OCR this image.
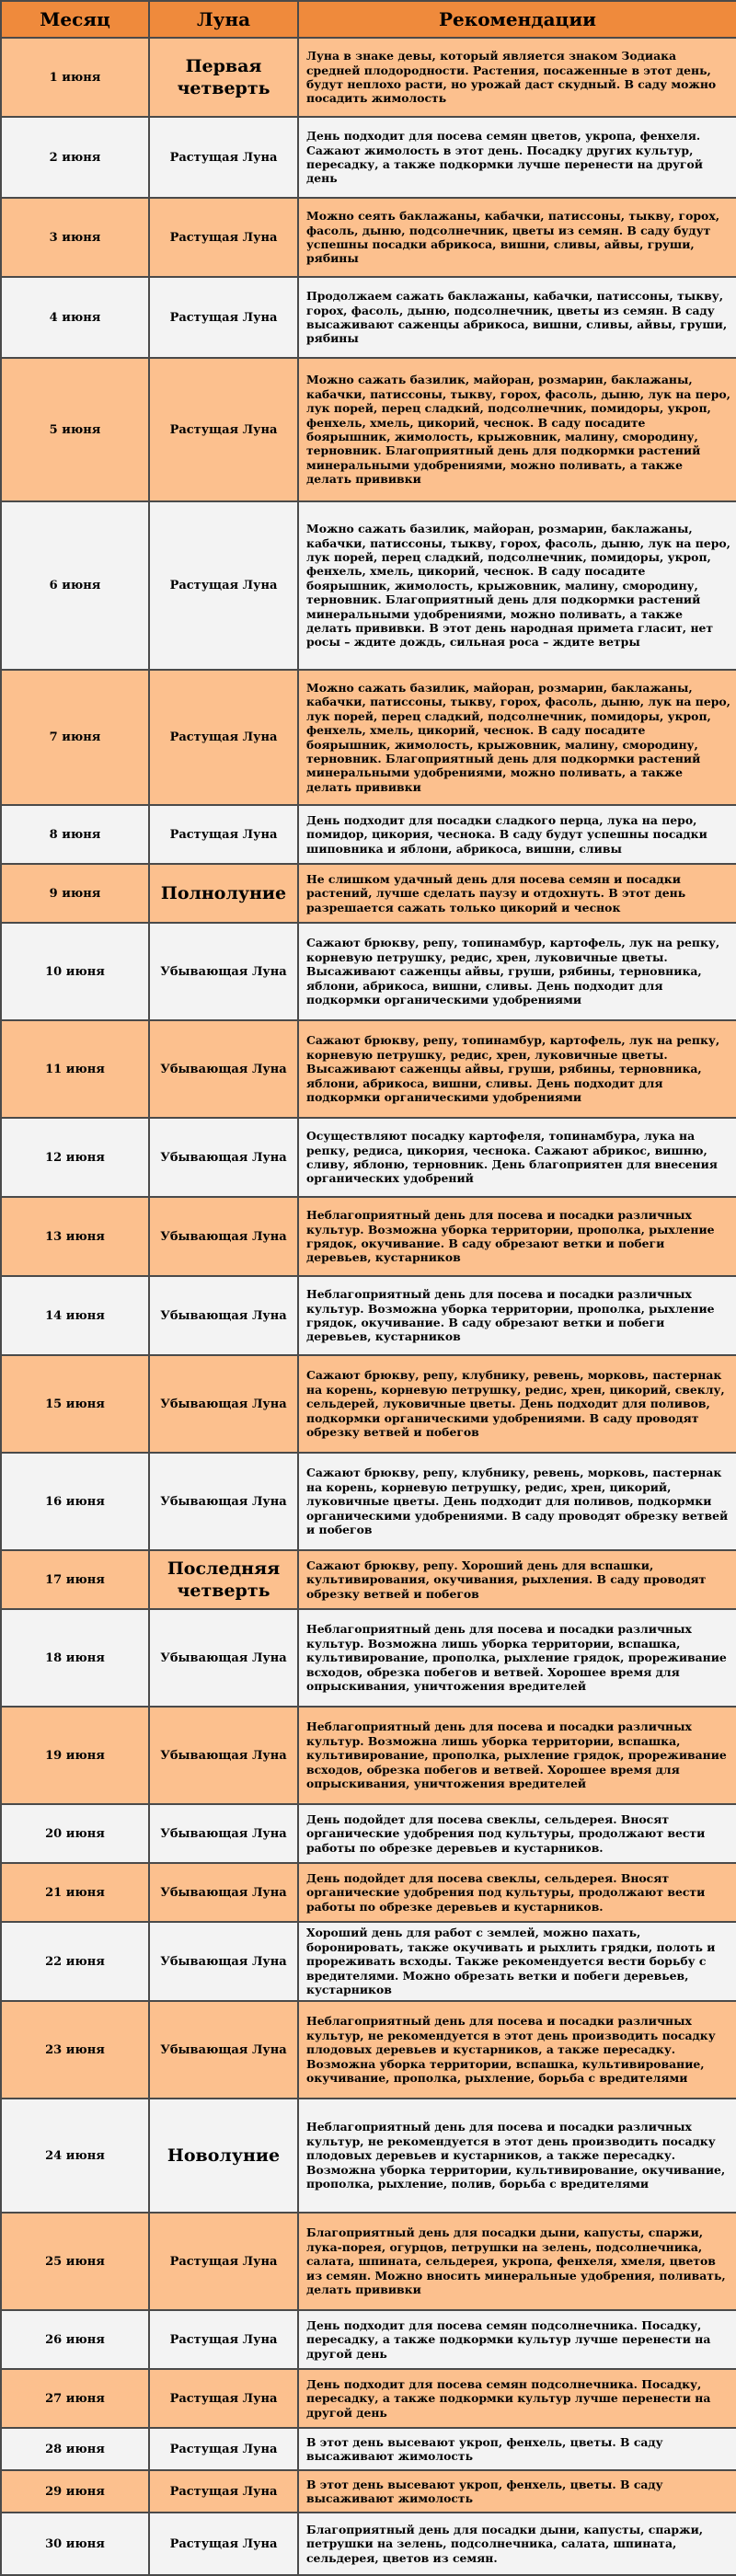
Месяц	Луна	Рекомендации
1 июня	Первая четверть	Луна в знаке девы, который является знаком Зодиака средней плодородности. Растения, посаженные в этот день, будут неплохо расти, но урожай даст скудный. В саду можно посадить жимолость
2 июня	Растущая Луна	День подходит для посева семян цветов, укропа, фенхеля. Сажают жимолость в этот день. Посадку других культур, пересадку, а также подкормки лучше перенести на другой день
3 июня	Растущая Луна	Можно сеять баклажаны, кабачки, патиссоны, тыкву, горох, фасоль, дыню, подсолнечник, цветы из семян. В саду будут успешны посадки абрикоса, вишни, сливы, айвы, груши, рябины
4 июня	Растущая Луна	Продолжаем сажать баклажаны, кабачки, патиссоны, тыкву, горох, фасоль, дыню, подсолнечник, цветы из семян. В саду высаживают саженцы абрикоса, вишни, сливы, айвы, груши, рябины
5 июня	Растущая Луна	Можно сажать базилик, майоран, розмарин, баклажаны, кабачки, патиссоны, тыкву, горох, фасоль, дыню, лук на перо, лук порей, перец сладкий, подсолнечник, помидоры, укроп, фенхель, хмель, цикорий, чеснок. В саду посадите боярышник, жимолость, крыжовник, малину, смородину, терновник. Благоприятный день для подкормки растений минеральными удобрениями, можно поливать, а также делать прививки
6 июня	Растущая Луна	Можно сажать базилик, майоран, розмарин, баклажаны, кабачки, патиссоны, тыкву, горох, фасоль, дыню, лук на перо, лук порей, перец сладкий, подсолнечник, помидоры, укроп, фенхель, хмель, цикорий, чеснок. В саду посадите боярышник, жимолость, крыжовник, малину, смородину, терновник. Благоприятный день для подкормки растений минеральными удобрениями, можно поливать, а также делать прививки. В этот день народная примета гласит, нет росы – ждите дождь, сильная роса – ждите ветры
7 июня	Растущая Луна	Можно сажать базилик, майоран, розмарин, баклажаны, кабачки, патиссоны, тыкву, горох, фасоль, дыню, лук на перо, лук порей, перец сладкий, подсолнечник, помидоры, укроп, фенхель, хмель, цикорий, чеснок. В саду посадите боярышник, жимолость, крыжовник, малину, смородину, терновник. Благоприятный день для подкормки растений минеральными удобрениями, можно поливать, а также делать прививки
8 июня	Растущая Луна	День подходит для посадки сладкого перца, лука на перо, помидор, цикория, чеснока. В саду будут успешны посадки шиповника и яблони, абрикоса, вишни, сливы
9 июня	Полнолуние	Не слишком удачный день для посева семян и посадки растений, лучше сделать паузу и отдохнуть. В этот день разрешается сажать только цикорий и чеснок
10 июня	Убывающая Луна	Сажают брюкву, репу, топинамбур, картофель, лук на репку, корневую петрушку, редис, хрен, луковичные цветы. Высаживают саженцы айвы, груши, рябины, терновника, яблони, абрикоса, вишни, сливы. День подходит для подкормки органическими удобрениями
11 июня	Убывающая Луна	Сажают брюкву, репу, топинамбур, картофель, лук на репку, корневую петрушку, редис, хрен, луковичные цветы. Высаживают саженцы айвы, груши, рябины, терновника, яблони, абрикоса, вишни, сливы. День подходит для подкормки органическими удобрениями
12 июня	Убывающая Луна	Осуществляют посадку картофеля, топинамбура, лука на репку, редиса, цикория, чеснока. Сажают абрикос, вишню, сливу, яблоню, терновник. День благоприятен для внесения органических удобрений
13 июня	Убывающая Луна	Неблагоприятный день для посева и посадки различных культур. Возможна уборка территории, прополка, рыхление грядок, окучивание. В саду обрезают ветки и побеги деревьев, кустарников
14 июня	Убывающая Луна	Неблагоприятный день для посева и посадки различных культур. Возможна уборка территории, прополка, рыхление грядок, окучивание. В саду обрезают ветки и побеги деревьев, кустарников
15 июня	Убывающая Луна	Сажают брюкву, репу, клубнику, ревень, морковь, пастернак на корень, корневую петрушку, редис, хрен, цикорий, свеклу, сельдерей, луковичные цветы. День подходит для поливов, подкормки органическими удобрениями. В саду проводят обрезку ветвей и побегов
16 июня	Убывающая Луна	Сажают брюкву, репу, клубнику, ревень, морковь, пастернак на корень, корневую петрушку, редис, хрен, цикорий, луковичные цветы. День подходит для поливов, подкормки органическими удобрениями. В саду проводят обрезку ветвей и побегов
17 июня	Последняя четверть	Сажают брюкву, репу. Хороший день для вспашки, культивирования, окучивания, рыхления. В саду проводят обрезку ветвей и побегов
18 июня	Убывающая Луна	Неблагоприятный день для посева и посадки различных культур. Возможна лишь уборка территории, вспашка, культивирование, прополка, рыхление грядок, прореживание всходов, обрезка побегов и ветвей. Хорошее время для опрыскивания, уничтожения вредителей
19 июня	Убывающая Луна	Неблагоприятный день для посева и посадки различных культур. Возможна лишь уборка территории, вспашка, культивирование, прополка, рыхление грядок, прореживание всходов, обрезка побегов и ветвей. Хорошее время для опрыскивания, уничтожения вредителей
20 июня	Убывающая Луна	День подойдет для посева свеклы, сельдерея. Вносят органические удобрения под культуры, продолжают вести работы по обрезке деревьев и кустарников.
21 июня	Убывающая Луна	День подойдет для посева свеклы, сельдерея. Вносят органические удобрения под культуры, продолжают вести работы по обрезке деревьев и кустарников.
22 июня	Убывающая Луна	Хороший день для работ с землей, можно пахать, боронировать, также окучивать и рыхлить грядки, полоть и прореживать всходы. Также рекомендуется вести борьбу с вредителями. Можно обрезать ветки и побеги деревьев, кустарников
23 июня	Убывающая Луна	Неблагоприятный день для посева и посадки различных культур, не рекомендуется в этот день производить посадку плодовых деревьев и кустарников, а также пересадку. Возможна уборка территории, вспашка, культивирование, окучивание, прополка, рыхление, борьба с вредителями
24 июня	Новолуние	Неблагоприятный день для посева и посадки различных культур, не рекомендуется в этот день производить посадку плодовых деревьев и кустарников, а также пересадку. Возможна уборка территории, культивирование, окучивание, прополка, рыхление, полив, борьба с вредителями
25 июня	Растущая Луна	Благоприятный день для посадки дыни, капусты, спаржи, лука-порея, огурцов, петрушки на зелень, подсолнечника, салата, шпината, сельдерея, укропа, фенхеля, хмеля, цветов из семян. Можно вносить минеральные удобрения, поливать, делать прививки
26 июня	Растущая Луна	День подходит для посева семян подсолнечника. Посадку, пересадку, а также подкормки культур лучше перенести на другой день
27 июня	Растущая Луна	День подходит для посева семян подсолнечника. Посадку, пересадку, а также подкормки культур лучше перенести на другой день
28 июня	Растущая Луна	В этот день высевают укроп, фенхель, цветы. В саду высаживают жимолость
29 июня	Растущая Луна	В этот день высевают укроп, фенхель, цветы. В саду высаживают жимолость
30 июня	Растущая Луна	Благоприятный день для посадки дыни, капусты, спаржи, петрушки на зелень, подсолнечника, салата, шпината, сельдерея, цветов из семян.
